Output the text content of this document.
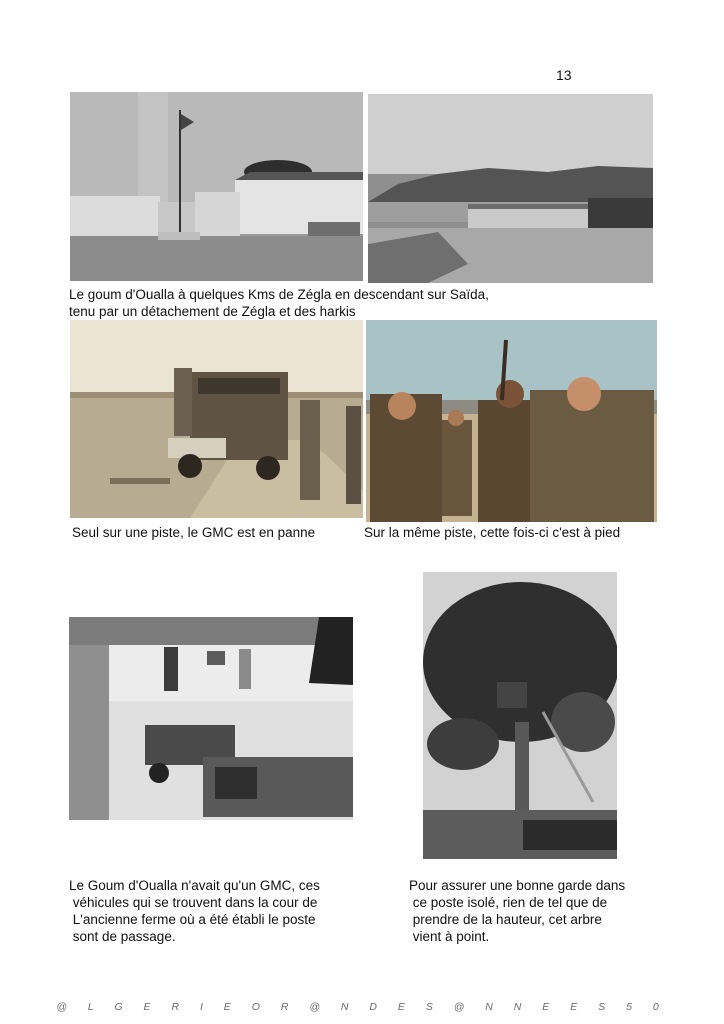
13
Le goum d'Oualla à quelques Kms de Zégla en descendant sur Saïda,
tenu par un détachement de Zégla et des harkis
Seul sur une piste, le GMC est en panne	Sur la même piste, cette fois-ci c'est à pied
Le Goum d'Oualla n'avait qu'un GMC, ces
véhicules qui se trouvent dans la cour de
L'ancienne ferme où a été établi le poste
sont de passage.
Pour assurer une bonne garde dans
ce poste isolé, rien de tel que de
prendre de la hauteur, cet arbre
vient à point.
@ L G E R I E O R @ N D E S @ N N E E S 5 0
